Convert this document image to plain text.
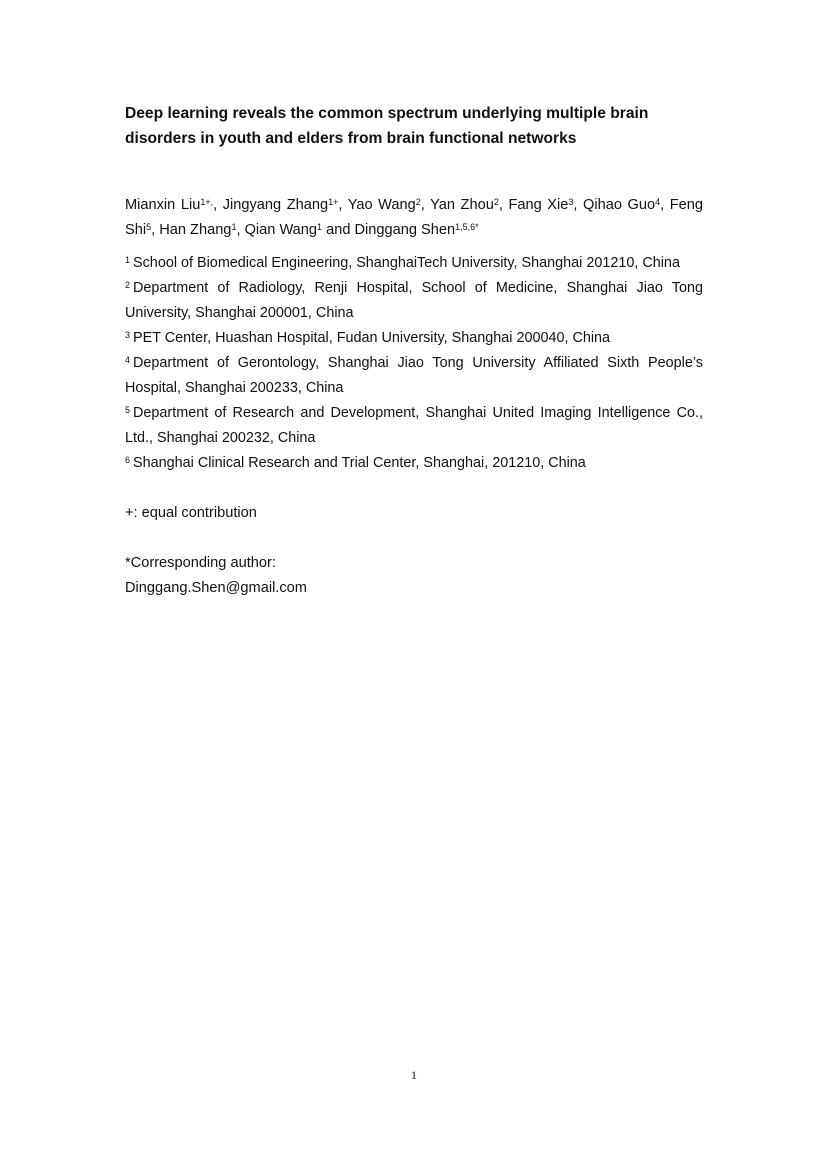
Deep learning reveals the common spectrum underlying multiple brain disorders in youth and elders from brain functional networks
Mianxin Liu$^{1+,}$, Jingyang Zhang$^{1+}$, Yao Wang$^2$, Yan Zhou$^2$, Fang Xie$^3$, Qihao Guo$^4$, Feng Shi$^5$, Han Zhang$^1$, Qian Wang$^1$ and Dinggang Shen$^{1,5,6*}$

$^1$ School of Biomedical Engineering, ShanghaiTech University, Shanghai 201210, China

$^2$ Department of Radiology, Renji Hospital, School of Medicine, Shanghai Jiao Tong University, Shanghai 200001, China

$^3$ PET Center, Huashan Hospital, Fudan University, Shanghai 200040, China

$^4$ Department of Gerontology, Shanghai Jiao Tong University Affiliated Sixth People’s Hospital, Shanghai 200233, China

$^5$ Department of Research and Development, Shanghai United Imaging Intelligence Co., Ltd., Shanghai 200232, China

$^6$ Shanghai Clinical Research and Trial Center, Shanghai, 201210, China

+: equal contribution
*Corresponding author:
Dinggang.Shen@gmail.com
1
